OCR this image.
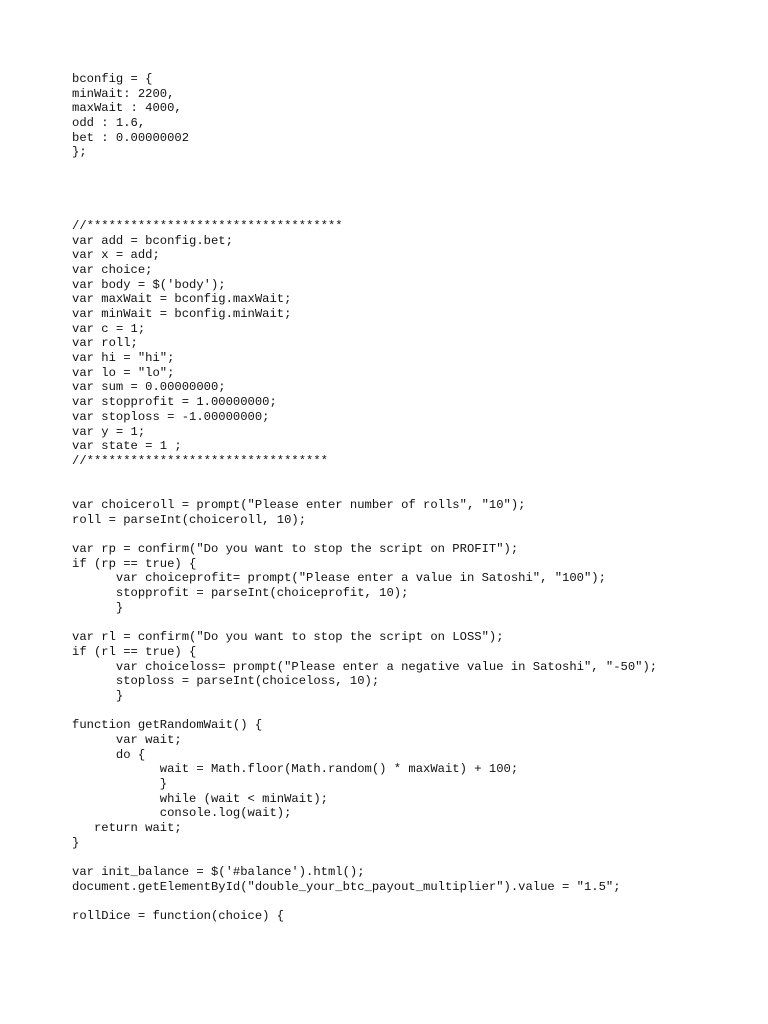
bconfig = {
minWait: 2200,
maxWait : 4000,
odd : 1.6,
bet : 0.00000002
};
//***********************************
var add = bconfig.bet;
var x = add;
var choice;
var body = $('body');
var maxWait = bconfig.maxWait;
var minWait = bconfig.minWait;
var c = 1;
var roll;
var hi = "hi";
var lo = "lo";
var sum = 0.00000000;
var stopprofit = 1.00000000;
var stoploss = -1.00000000;
var y = 1;
var state = 1 ;
//*********************************
var choiceroll = prompt("Please enter number of rolls", "10");
roll = parseInt(choiceroll, 10);
var rp = confirm("Do you want to stop the script on PROFIT");
if (rp == true) {
var choiceprofit= prompt("Please enter a value in Satoshi", "100");
stopprofit = parseInt(choiceprofit, 10);
}
var rl = confirm("Do you want to stop the script on LOSS");
if (rl == true) {
var choiceloss= prompt("Please enter a negative value in Satoshi", "-50");
stoploss = parseInt(choiceloss, 10);
}
function getRandomWait() {
var wait;
do {
wait = Math.floor(Math.random() * maxWait) + 100;
}
while (wait < minWait);
console.log(wait);
return wait;
}
var init_balance = $('#balance').html();
document.getElementById("double_your_btc_payout_multiplier").value = "1.5";
rollDice = function(choice) {
